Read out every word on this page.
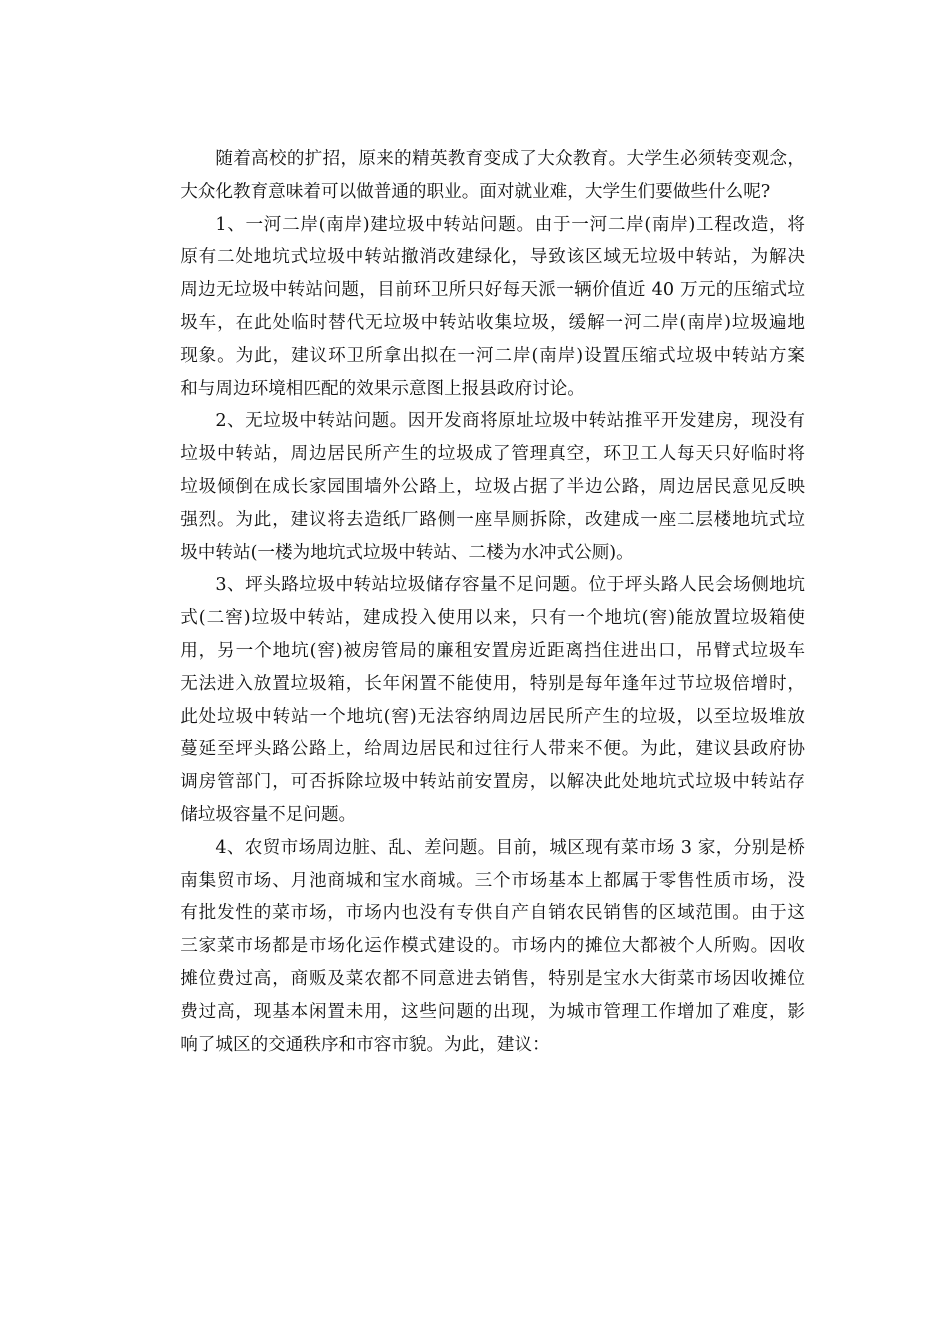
随着高校的扩招，原来的精英教育变成了大众教育。大学生必须转变观念，
大众化教育意味着可以做普通的职业。面对就业难，大学生们要做些什么呢?
1、一河二岸(南岸)建垃圾中转站问题。由于一河二岸(南岸)工程改造，将
原有二处地坑式垃圾中转站撤消改建绿化，导致该区域无垃圾中转站，为解决
周边无垃圾中转站问题，目前环卫所只好每天派一辆价值近 40 万元的压缩式垃
圾车，在此处临时替代无垃圾中转站收集垃圾，缓解一河二岸(南岸)垃圾遍地
现象。为此，建议环卫所拿出拟在一河二岸(南岸)设置压缩式垃圾中转站方案
和与周边环境相匹配的效果示意图上报县政府讨论。
2、无垃圾中转站问题。因开发商将原址垃圾中转站推平开发建房，现没有
垃圾中转站，周边居民所产生的垃圾成了管理真空，环卫工人每天只好临时将
垃圾倾倒在成长家园围墙外公路上，垃圾占据了半边公路，周边居民意见反映
强烈。为此，建议将去造纸厂路侧一座旱厕拆除，改建成一座二层楼地坑式垃
圾中转站(一楼为地坑式垃圾中转站、二楼为水冲式公厕)。
3、坪头路垃圾中转站垃圾储存容量不足问题。位于坪头路人民会场侧地坑
式(二窖)垃圾中转站，建成投入使用以来，只有一个地坑(窖)能放置垃圾箱使
用，另一个地坑(窖)被房管局的廉租安置房近距离挡住进出口，吊臂式垃圾车
无法进入放置垃圾箱，长年闲置不能使用，特别是每年逢年过节垃圾倍增时，
此处垃圾中转站一个地坑(窖)无法容纳周边居民所产生的垃圾，以至垃圾堆放
蔓延至坪头路公路上，给周边居民和过往行人带来不便。为此，建议县政府协
调房管部门，可否拆除垃圾中转站前安置房，以解决此处地坑式垃圾中转站存
储垃圾容量不足问题。
4、农贸市场周边脏、乱、差问题。目前，城区现有菜市场 3 家，分别是桥
南集贸市场、月池商城和宝水商城。三个市场基本上都属于零售性质市场，没
有批发性的菜市场，市场内也没有专供自产自销农民销售的区域范围。由于这
三家菜市场都是市场化运作模式建设的。市场内的摊位大都被个人所购。因收
摊位费过高，商贩及菜农都不同意进去销售，特别是宝水大街菜市场因收摊位
费过高，现基本闲置未用，这些问题的出现，为城市管理工作增加了难度，影
响了城区的交通秩序和市容市貌。为此，建议：
